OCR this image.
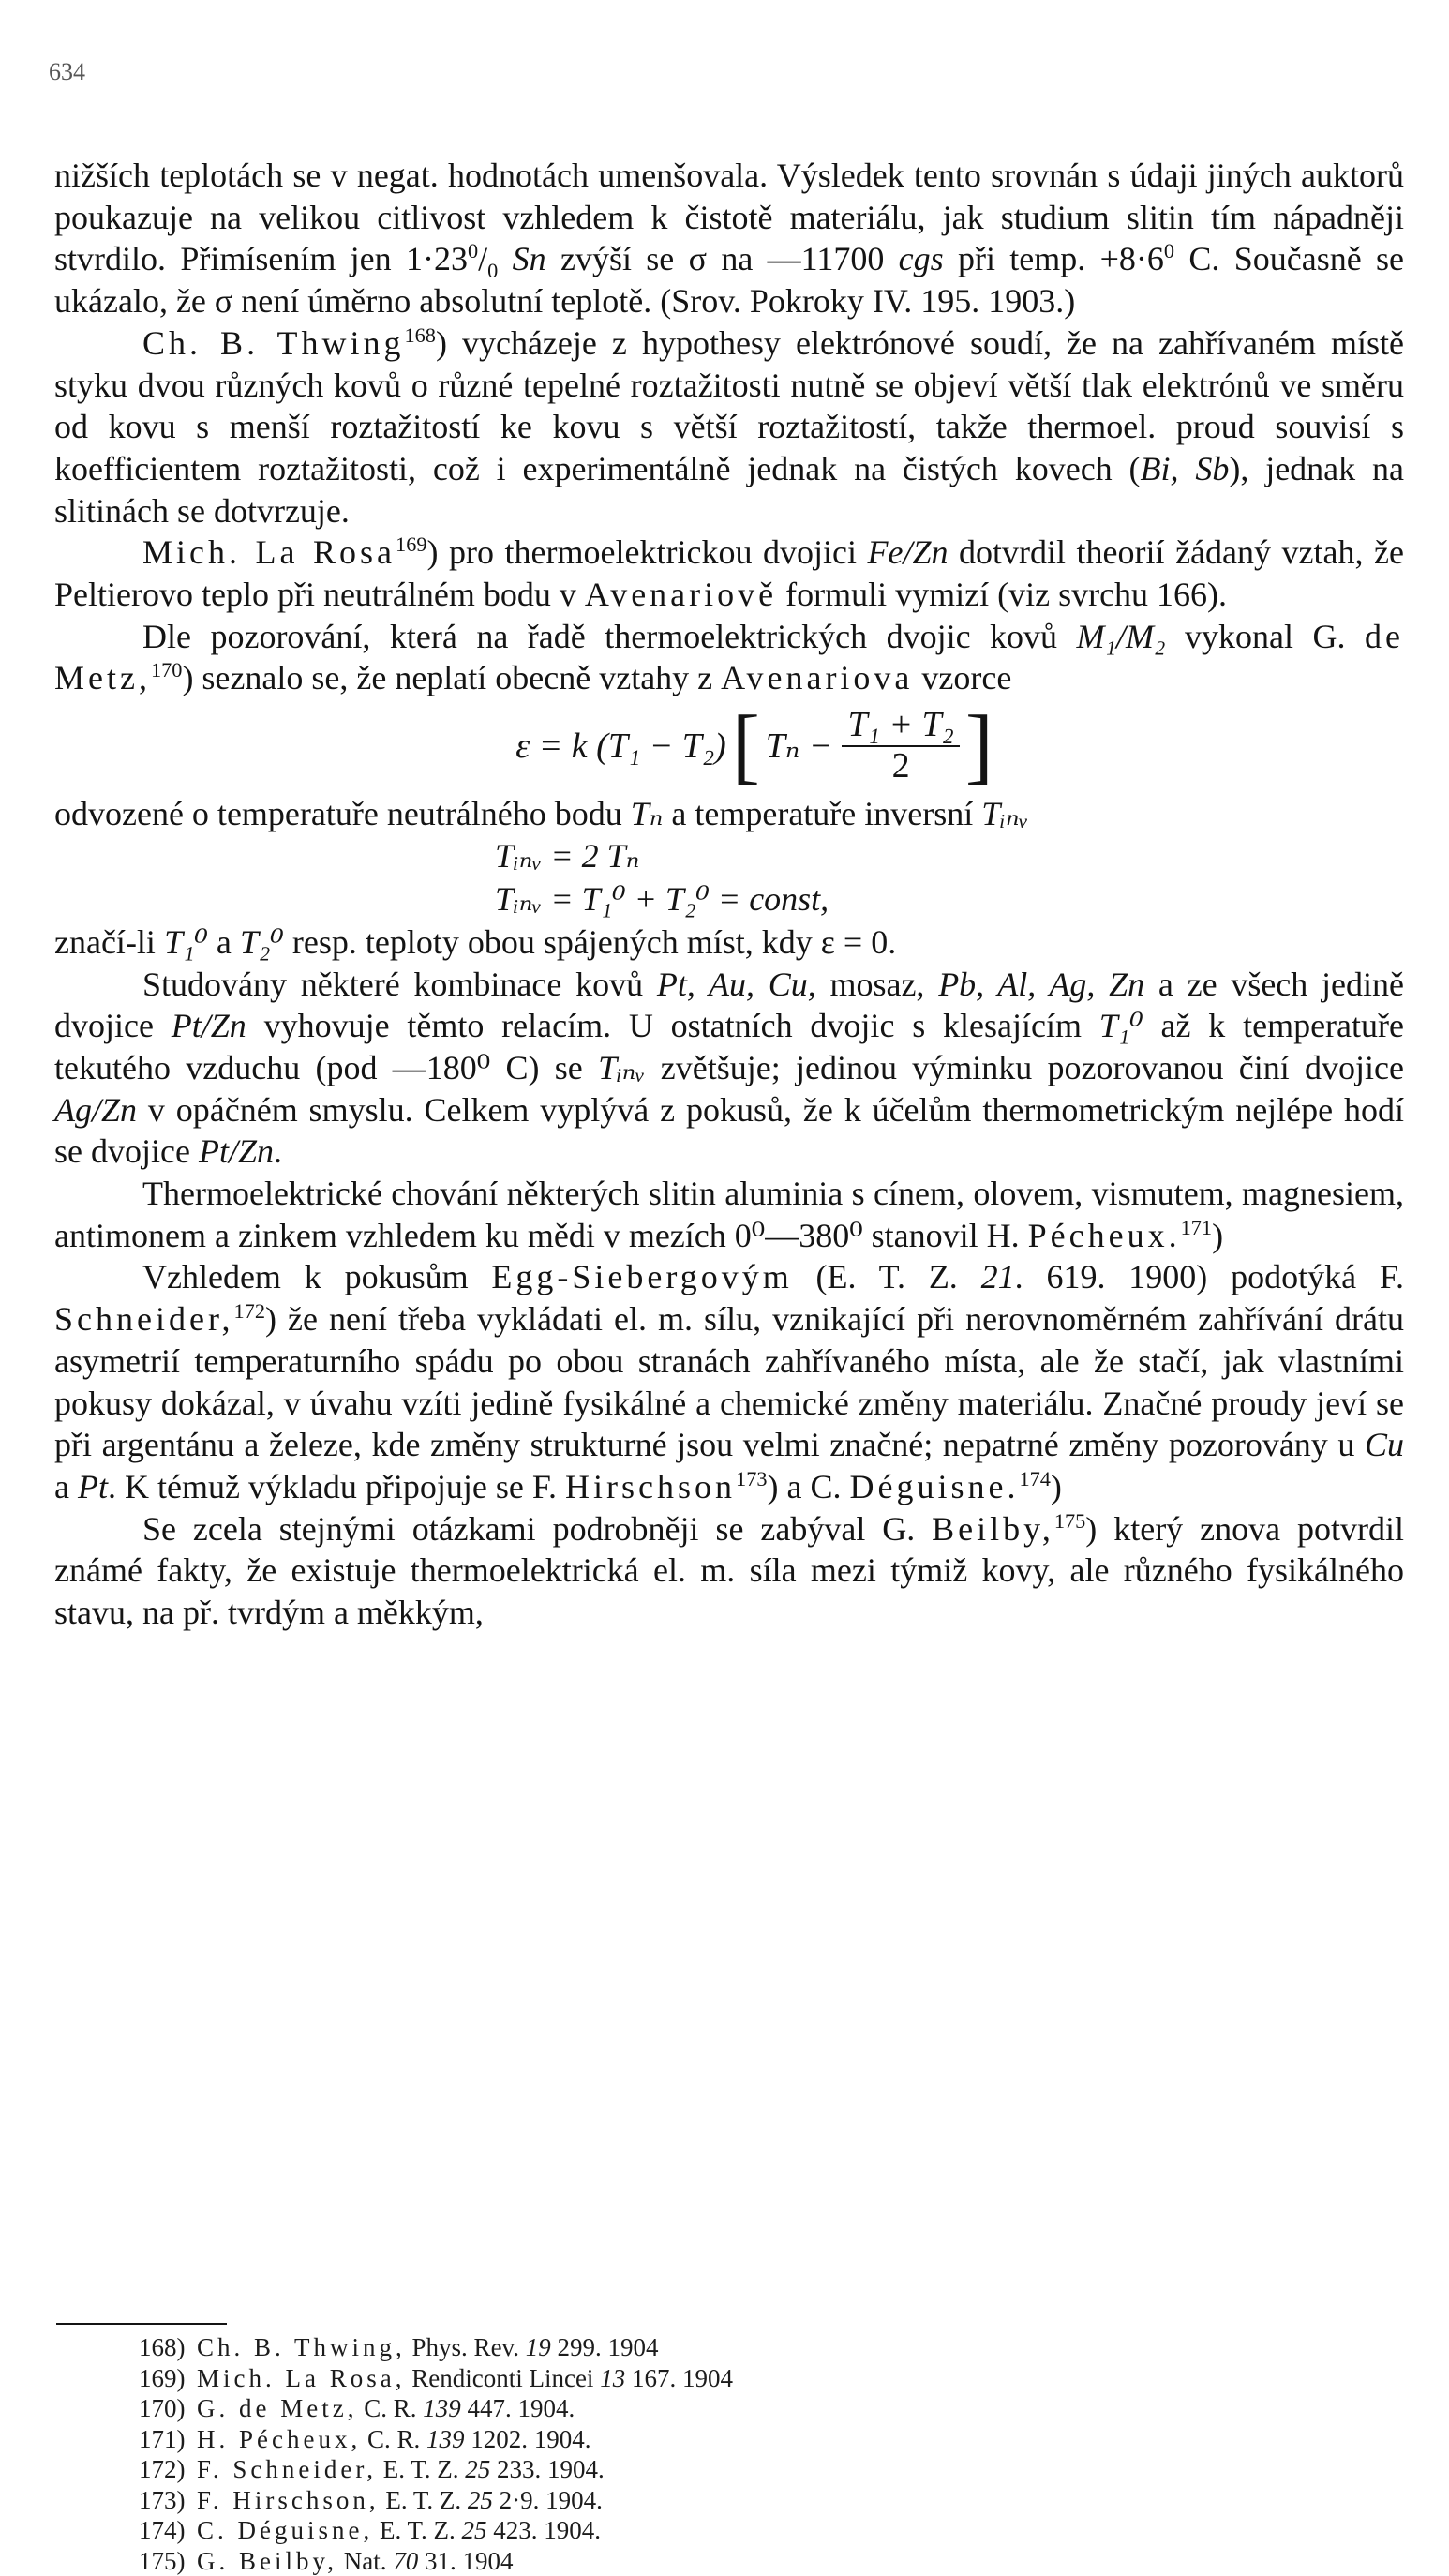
634

nižších teplotách se v negat. hodnotách umenšovala. Výsledek tento srovnán s údaji jiných auktorů poukazuje na velikou citlivost vzhledem k čistotě materiálu, jak studium slitin tím nápadněji stvrdilo. Přimísením jen $1\cdot 23^0/_0$ Sn zvýší se σ na —11700 cgs při temp. $+8\cdot 6^0$ C. Současně se ukázalo, že σ není úměrno absolutní teplotě. (Srov. Pokroky IV. 195. 1903.)

Ch. B. Thwing$^{168}$) vycházeje z hypothesy elektrónové soudí, že na zahřívaném místě styku dvou různých kovů o různé tepelné roztažitosti nutně se objeví větší tlak elektrónů ve směru od kovu s menší roztažitostí ke kovu s větší roztažitostí, takže thermoel. proud souvisí s koefficientem roztažitosti, což i experimentálně jednak na čistých kovech (Bi, Sb), jednak na slitinách se dotvrzuje.

Mich. La Rosa$^{169}$) pro thermoelektrickou dvojici Fe/Zn dotvrdil theorií žádaný vztah, že Peltierovo teplo při neutrálném bodu v Avenariově formuli vymizí (viz svrchu 166).

Dle pozorování, která na řadě thermoelektrických dvojic kovů M₁/M₂ vykonal G. de Metz,$^{170}$) seznalo se, že neplatí obecně vztahy z Avenariova vzorce

ε = k (T₁ − T₂) [ $T_n - \frac{\text{T₁ + T₂}}{2}$ ]

odvozené o temperatuře neutrálného bodu Tₙ a temperatuře inversní Tᵢₙᵥ

Tᵢₙᵥ = 2 Tₙ
Tᵢₙᵥ = T₁⁰ + T₂⁰ = const,

značí-li T₁⁰ a T₂⁰ resp. teploty obou spájených míst, kdy ε = 0.

Studovány některé kombinace kovů Pt, Au, Cu, mosaz, Pb, Al, Ag, Zn a ze všech jedině dvojice Pt/Zn vyhovuje těmto relacím. U ostatních dvojic s klesajícím T₁⁰ až k temperatuře tekutého vzduchu (pod —180⁰ C) se Tᵢₙᵥ zvětšuje; jedinou výminku pozorovanou činí dvojice Ag/Zn v opáčném smyslu. Celkem vyplývá z pokusů, že k účelům thermometrickým nejlépe hodí se dvojice Pt/Zn.

Thermoelektrické chování některých slitin aluminia s cínem, olovem, vismutem, magnesiem, antimonem a zinkem vzhledem ku mědi v mezích 0⁰—380⁰ stanovil H. Pécheux.$^{171}$)

Vzhledem k pokusům Egg-Siebergovým (E. T. Z. 21. 619. 1900) podotýká F. Schneider,$^{172}$) že není třeba vykládati el. m. sílu, vznikající při nerovnoměrném zahřívání drátu asymetrií temperaturního spádu po obou stranách zahřívaného místa, ale že stačí, jak vlastními pokusy dokázal, v úvahu vzíti jedině fysikálné a chemické změny materiálu. Značné proudy jeví se při argentánu a železe, kde změny strukturné jsou velmi značné; nepatrné změny pozorovány u Cu a Pt. K témuž výkladu připojuje se F. Hirschson$^{173}$) a C. Déguisne.$^{174}$)

Se zcela stejnými otázkami podrobněji se zabýval G. Beilby,$^{175}$) který znova potvrdil známé fakty, že existuje thermoelektrická el. m. síla mezi týmiž kovy, ale různého fysikálného stavu, na př. tvrdým a měkkým,

168) Ch. B. Thwing, Phys. Rev. 19 299. 1904
169) Mich. La Rosa, Rendiconti Lincei 13 167. 1904
170) G. de Metz, C. R. 139 447. 1904.
171) H. Pécheux, C. R. 139 1202. 1904.
172) F. Schneider, E. T. Z. 25 233. 1904.
173) F. Hirschson, E. T. Z. 25 2·9. 1904.
174) C. Déguisne, E. T. Z. 25 423. 1904.
175) G. Beilby, Nat. 70 31. 1904
